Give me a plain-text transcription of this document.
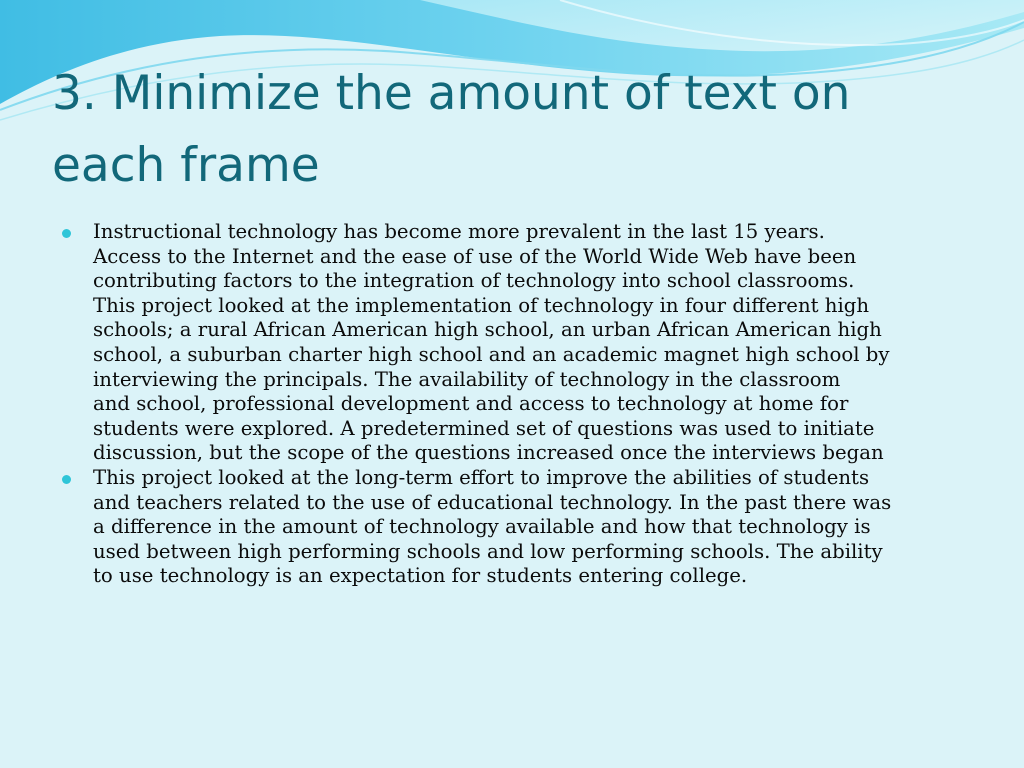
3. Minimize the amount of text on
each frame
Instructional technology has become more prevalent in the last 15 years.
Access to the Internet and the ease of use of the World Wide Web have been
contributing factors to the integration of technology into school classrooms.
This project looked at the implementation of technology in four different high
schools; a rural African American high school, an urban African American high
school, a suburban charter high school and an academic magnet high school by
interviewing the principals. The availability of technology in the classroom
and school, professional development and access to technology at home for
students were explored. A predetermined set of questions was used to initiate
discussion, but the scope of the questions increased once the interviews began
This project looked at the long-term effort to improve the abilities of students
and teachers related to the use of educational technology. In the past there was
a difference in the amount of technology available and how that technology is
used between high performing schools and low performing schools. The ability
to use technology is an expectation for students entering college.
